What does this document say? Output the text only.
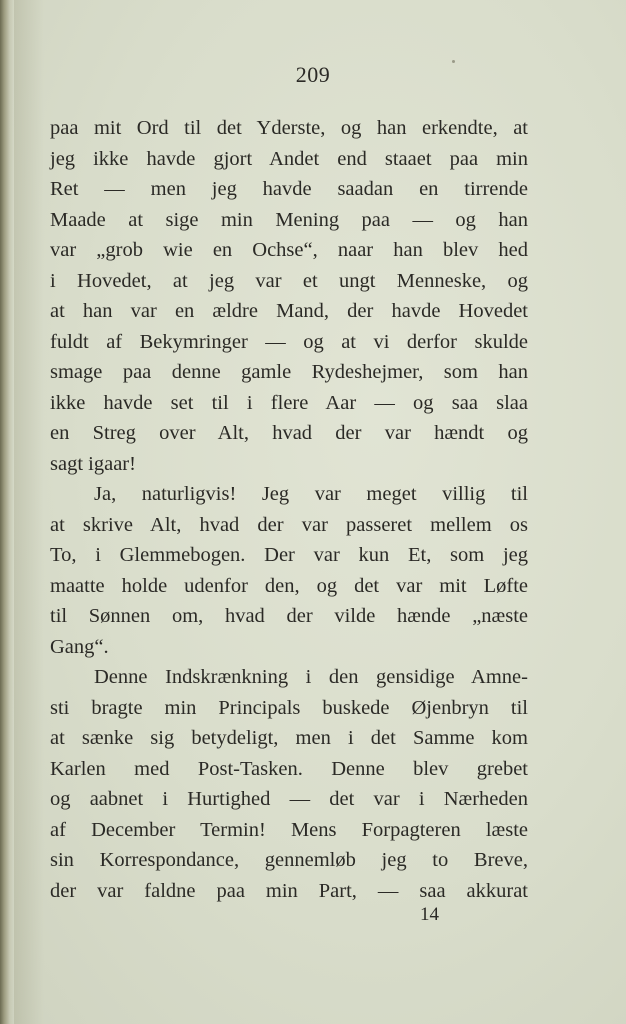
209
paa mit Ord til det Yderste, og han erkendte, at
jeg ikke havde gjort Andet end staaet paa min
Ret — men jeg havde saadan en tirrende
Maade at sige min Mening paa — og han
var „grob wie en Ochse“, naar han blev hed
i Hovedet, at jeg var et ungt Menneske, og
at han var en ældre Mand, der havde Hovedet
fuldt af Bekymringer — og at vi derfor skulde
smage paa denne gamle Rydeshejmer, som han
ikke havde set til i flere Aar — og saa slaa
en Streg over Alt, hvad der var hændt og
sagt igaar!
Ja, naturligvis! Jeg var meget villig til
at skrive Alt, hvad der var passeret mellem os
To, i Glemmebogen. Der var kun Et, som jeg
maatte holde udenfor den, og det var mit Løfte
til Sønnen om, hvad der vilde hænde „næste
Gang“.
Denne Indskrænkning i den gensidige Amne-
sti bragte min Principals buskede Øjenbryn til
at sænke sig betydeligt, men i det Samme kom
Karlen med Post-Tasken. Denne blev grebet
og aabnet i Hurtighed — det var i Nærheden
af December Termin! Mens Forpagteren læste
sin Korrespondance, gennemløb jeg to Breve,
der var faldne paa min Part, — saa akkurat
14
